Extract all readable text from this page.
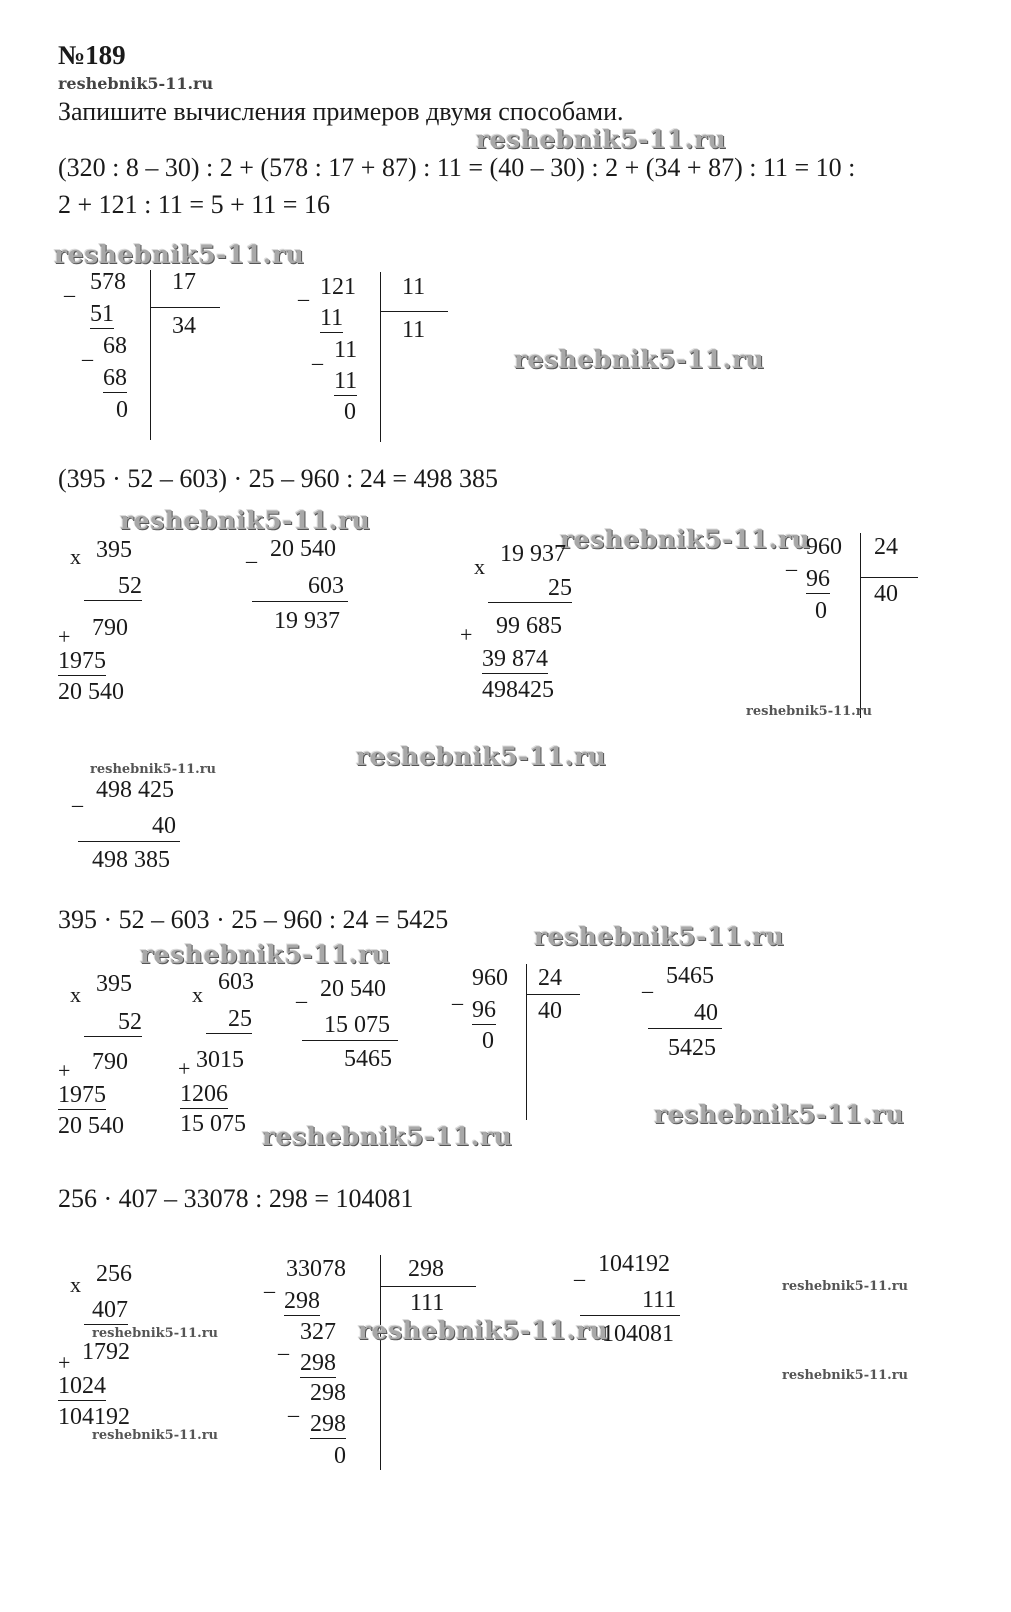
№189
reshebnik5-11.ru
Запишите вычисления примеров двумя способами.
reshebnik5-11.ru
(320 : 8 – 30) : 2 + (578 : 17 + 87) : 11 = (40 – 30) : 2 + (34 + 87) : 11 = 10 :
2 + 121 : 11 = 5 + 11 = 16
reshebnik5-11.ru
_ 578 17
34
51
_ 68
68
0
_ 121 11
11
11
_ 11
11
0
reshebnik5-11.ru
(395 · 52 – 603) · 25 – 960 : 24 = 498 385
reshebnik5-11.ru
reshebnik5-11.ru
x 395
52
+ 790
1975
20 540
_ 20 540
603
19 937
x 19 937
25
+ 99 685
39 874
498425
_
960 24
40
96
0
reshebnik5-11.ru
reshebnik5-11.ru	reshebnik5-11.ru
_ 498 425
40
498 385
395 · 52 – 603 · 25 – 960 : 24 = 5425
reshebnik5-11.ru
reshebnik5-11.ru
x 395
52
+ 790
1975
20 540
x 603
25
+ 3015
1206
15 075
_ 20 540
15 075
5465
_
960 24
40
96
0
_ 5465
40
5425
reshebnik5-11.ru
reshebnik5-11.ru
256 · 407 – 33078 : 298 = 104081
x 256
407
reshebnik5-11.ru
+ 1792
1024
104192
reshebnik5-11.ru
_
33078	298
111
298
_ 327
298
_
298
298
0
reshebnik5-11.ru
_ 104192
111
104081
reshebnik5-11.ru
reshebnik5-11.ru
